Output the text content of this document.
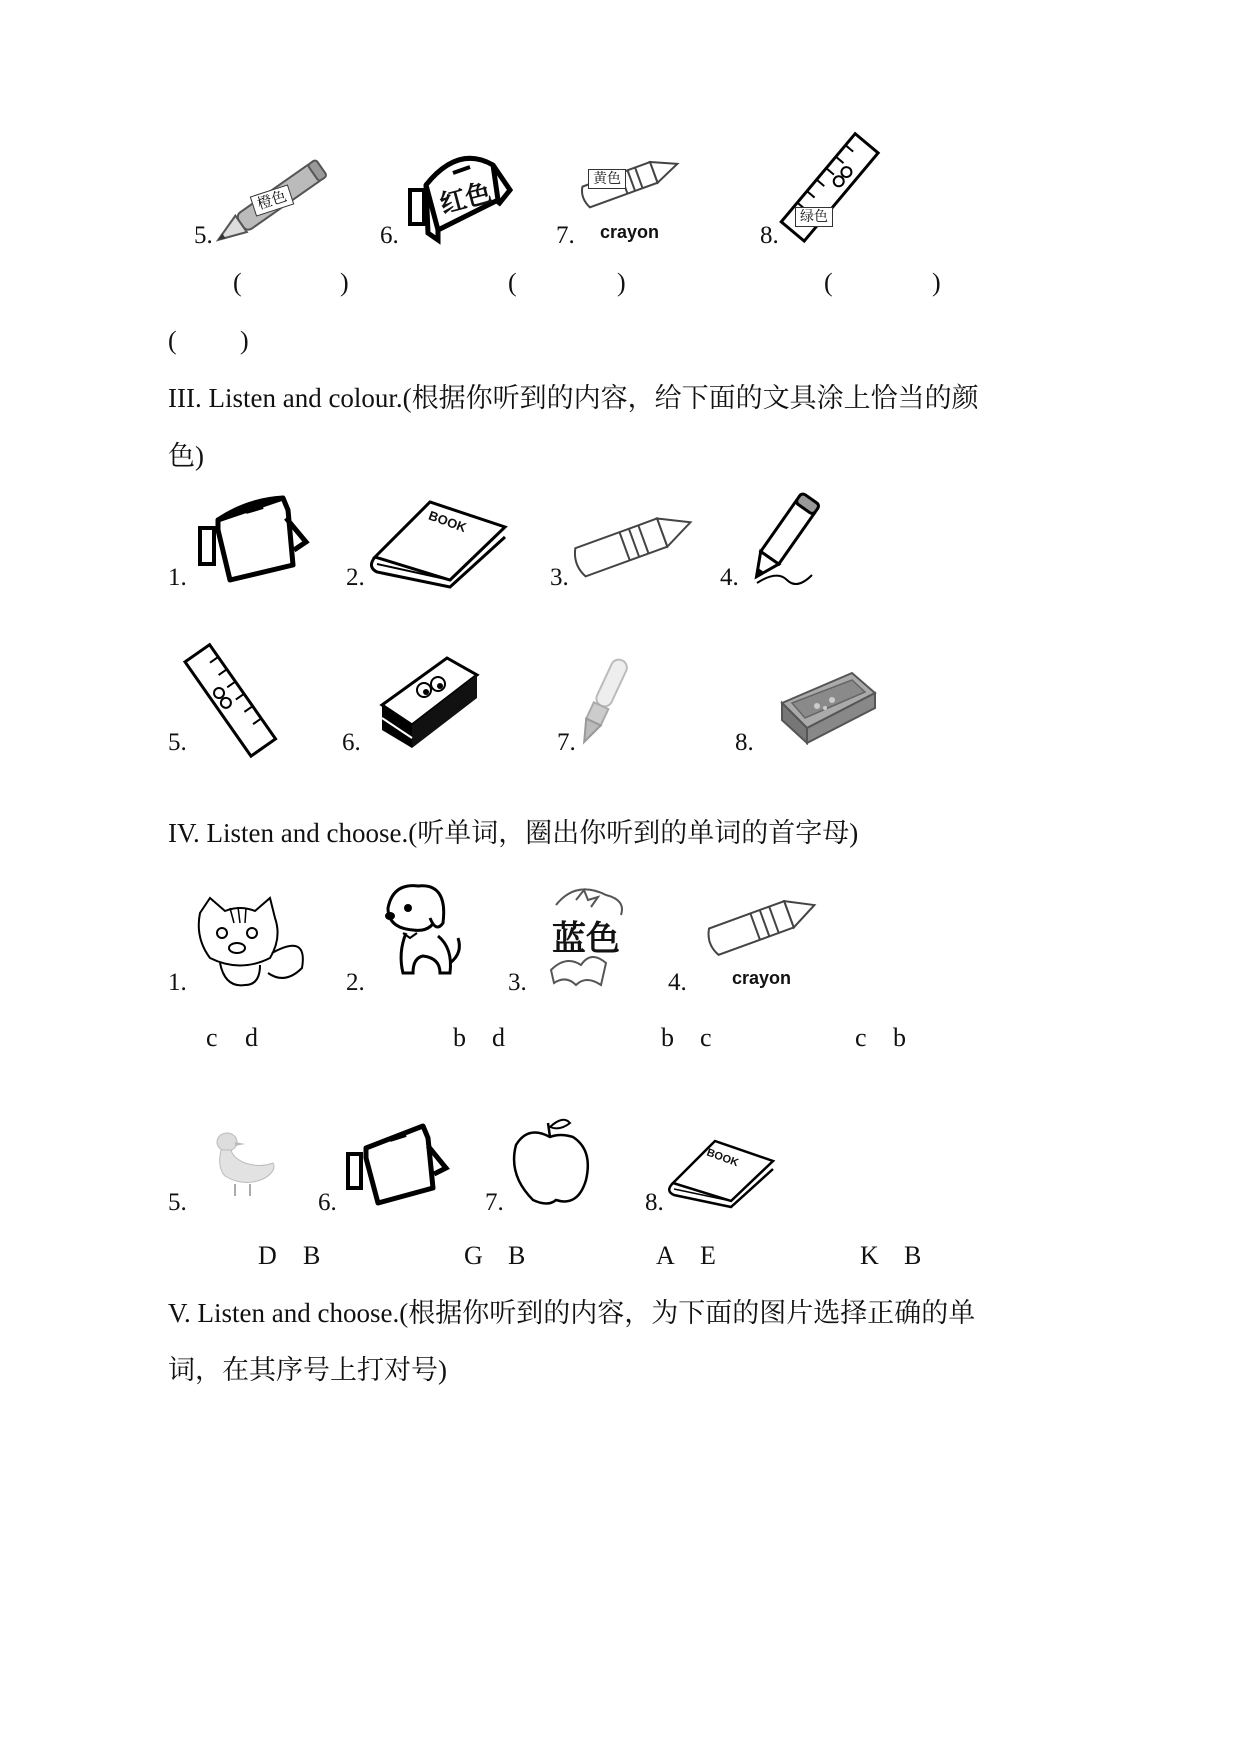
5.
橙色
6.
红色
7.
黄色
crayon	8.
绿色
(	)	(	)	(	)
( )
III. Listen and colour.(根据你听到的内容，给下面的文具涂上恰当的颜
色)
1.	2.
BOOK
3.	4.
5.	6.	7.	8.
IV. Listen and choose.(听单词，圈出你听到的单词的首字母)
1.	2.	3.
蓝色
4.	crayon
c d	b d	b c	c b
5.	6.	7.	8.
BOOK
D B	G B	A E	K B
V. Listen and choose.(根据你听到的内容，为下面的图片选择正确的单
词，在其序号上打对号)
